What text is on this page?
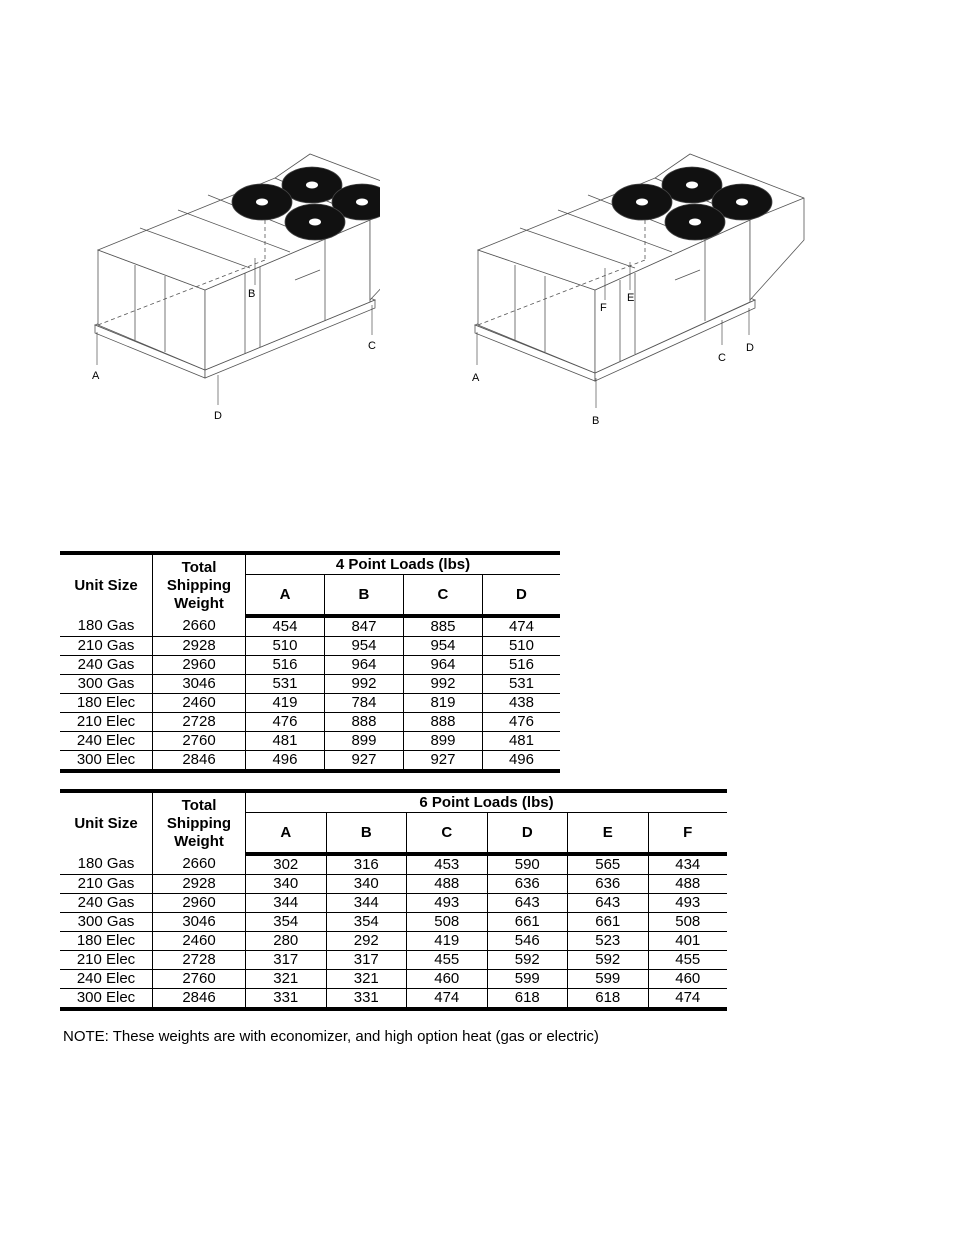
A
D
C
B
A
B
C
D
E
F
Unit Size	Total
Shipping
Weight	4 Point Loads (lbs)			
		A	B	C	D
180 Gas	2660	454	847	885	474
210 Gas	2928	510	954	954	510
240 Gas	2960	516	964	964	516
300 Gas	3046	531	992	992	531
180 Elec	2460	419	784	819	438
210 Elec	2728	476	888	888	476
240 Elec	2760	481	899	899	481
300 Elec	2846	496	927	927	496
Unit Size	Total
Shipping
Weight	6 Point Loads (lbs)					
		A	B	C	D	E	F
180 Gas	2660	302	316	453	590	565	434
210 Gas	2928	340	340	488	636	636	488
240 Gas	2960	344	344	493	643	643	493
300 Gas	3046	354	354	508	661	661	508
180 Elec	2460	280	292	419	546	523	401
210 Elec	2728	317	317	455	592	592	455
240 Elec	2760	321	321	460	599	599	460
300 Elec	2846	331	331	474	618	618	474
NOTE: These weights are with economizer, and high option heat (gas or electric)
